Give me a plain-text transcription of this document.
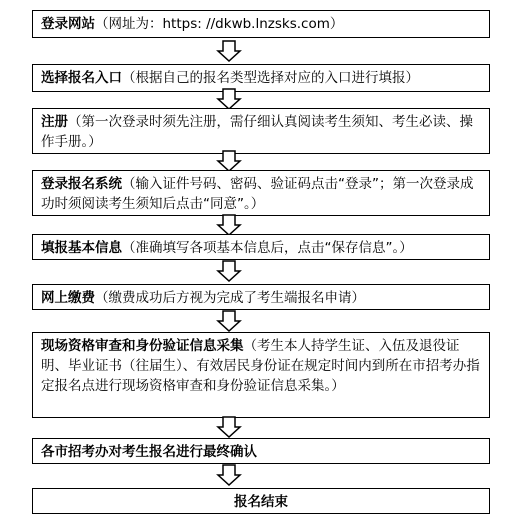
登录网站（网址为：https: //dkwb.lnzsks.com）
选择报名入口（根据自己的报名类型选择对应的入口进行填报）
注册（第一次登录时须先注册，需仔细认真阅读考生须知、考生必读、操作手册。）
登录报名系统（输入证件号码、密码、验证码点击“登录”；第一次登录成功时须阅读考生须知后点击“同意”。）
填报基本信息（准确填写各项基本信息后，点击“保存信息”。）
网上缴费（缴费成功后方视为完成了考生端报名申请）
现场资格审查和身份验证信息采集（考生本人持学生证、入伍及退役证明、毕业证书（往届生）、有效居民身份证在规定时间内到所在市招考办指定报名点进行现场资格审查和身份验证信息采集。）
各市招考办对考生报名进行最终确认
报名结束
